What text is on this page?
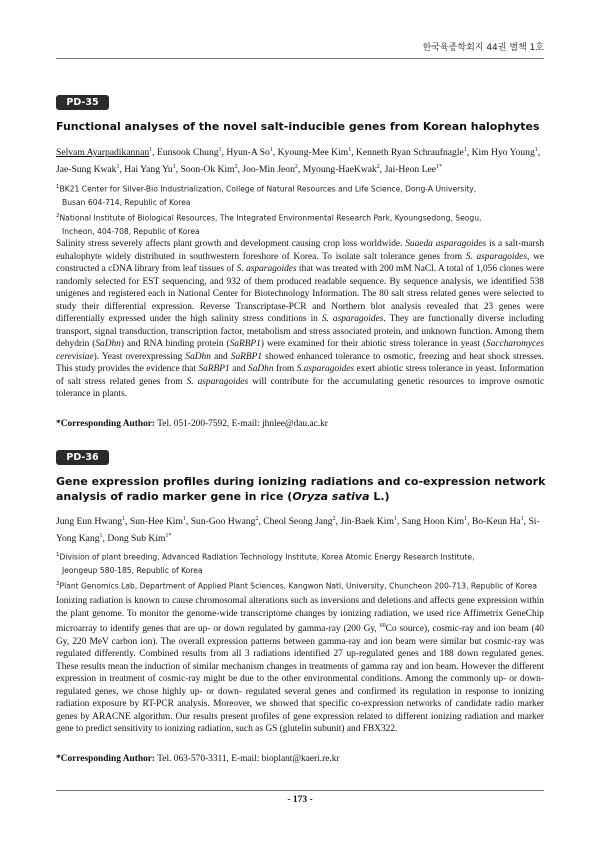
한국육종학회지 44권 별책 1호
PD-35
Functional analyses of the novel salt-inducible genes from Korean halophytes
Selvam Ayarpadikannan$^1$, Eunsook Chung$^1$, Hyun-A So$^1$, Kyoung-Mee Kim$^1$, Kenneth Ryan Schraufnagle$^1$, Kim Hyo Young$^1$, Jae-Sung Kwak$^1$, Hai Yang Yu$^1$, Soon-Ok Kim$^2$, Joo-Min Jeon$^2$, Myoung-HaeKwak$^2$, Jai-Heon Lee$^{1*}$
$^1$BK21 Center for Silver-Bio Industrialization, College of Natural Resources and Life Science, Dong-A University,
Busan 604-714, Republic of Korea
$^2$National Institute of Biological Resources, The Integrated Environmental Research Park, Kyoungsedong, Seogu,
Incheon, 404-708, Republic of Korea
Salinity stress severely affects plant growth and development causing crop loss worldwide. Suaeda asparagoides is a salt-marsh euhalophyte widely distributed in southwestern foreshore of Korea. To isolate salt tolerance genes from S. asparagoides, we constructed a cDNA library from leaf tissues of S. asparagoides that was treated with 200 mM NaCl. A total of 1,056 clones were randomly selected for EST sequencing, and 932 of them produced readable sequence. By sequence analysis, we identified 538 unigenes and registered each in National Center for Biotechnology Information. The 80 salt stress related genes were selected to study their differential expression. Reverse Transcriptase-PCR and Northern blot analysis revealed that 23 genes were differentially expressed under the high salinity stress conditions in S. asparagoides. They are functionally diverse including transport, signal transduction, transcription factor, metabolism and stress associated protein, and unknown function. Among them dehydrin (SaDhn) and RNA binding protein (SaRBP1) were examined for their abiotic stress tolerance in yeast (Saccharomyces cerevisiae). Yeast overexpressing SaDhn and SaRBP1 showed enhanced tolerance to osmotic, freezing and heat shock stresses. This study provides the evidence that SaRBP1 and SaDhn from S.asparagoides exert abiotic stress tolerance in yeast. Information of salt stress related genes from S. asparagoides will contribute for the accumulating genetic resources to improve osmotic tolerance in plants.
*Corresponding Author: Tel. 051-200-7592, E-mail: jhnlee@dau.ac.kr
PD-36
Gene expression profiles during ionizing radiations and co-expression network
analysis of radio marker gene in rice (Oryza sativa L.)
Jung Eun Hwang$^1$, Sun-Hee Kim$^1$, Sun-Goo Hwang$^2$, Cheol Seong Jang$^2$, Jin-Baek Kim$^1$, Sang Hoon Kim$^1$, Bo-Keun Ha$^1$, Si-Yong Kang$^1$, Dong Sub Kim$^{1*}$
$^1$Division of plant breeding, Advanced Radiation Technology Institute, Korea Atomic Energy Research Institute,
Jeongeup 580-185, Republic of Korea
$^2$Plant Genomics Lab, Department of Applied Plant Sciences, Kangwon Natl, University, Chuncheon 200-713, Republic of Korea
Ionizing radiation is known to cause chromosomal alterations such as inversions and deletions and affects gene expression within the plant genome. To monitor the genome-wide transcriptome changes by ionizing radiation, we used rice Affimetrix GeneChip microarray to identify genes that are up- or down regulated by gamma-ray (200 Gy, $^{60}$Co source), cosmic-ray and ion beam (40 Gy, 220 MeV carbon ion). The overall expression patterns between gamma-ray and ion beam were similar but cosmic-ray was regulated differently. Combined results from all 3 radiations identified 27 up-regulated genes and 188 down regulated genes. These results mean the induction of similar mechanism changes in treatments of gamma ray and ion beam. However the different expression in treatment of cosmic-ray might be due to the other environmental conditions. Among the commonly up- or down- regulated genes, we chose highly up- or down- regulated several genes and confirmed its regulation in response to ionizing radiation exposure by RT-PCR analysis. Moreover, we showed that specific co-expression networks of candidate radio marker genes by ARACNE algorithm. Our results present profiles of gene expression related to different ionizing radiation and marker gene to predict sensitivity to ionizing radiation, such as GS (glutelin subunit) and FBX322.
*Corresponding Author: Tel. 063-570-3311, E-mail: bioplant@kaeri.re.kr
- 173 -
